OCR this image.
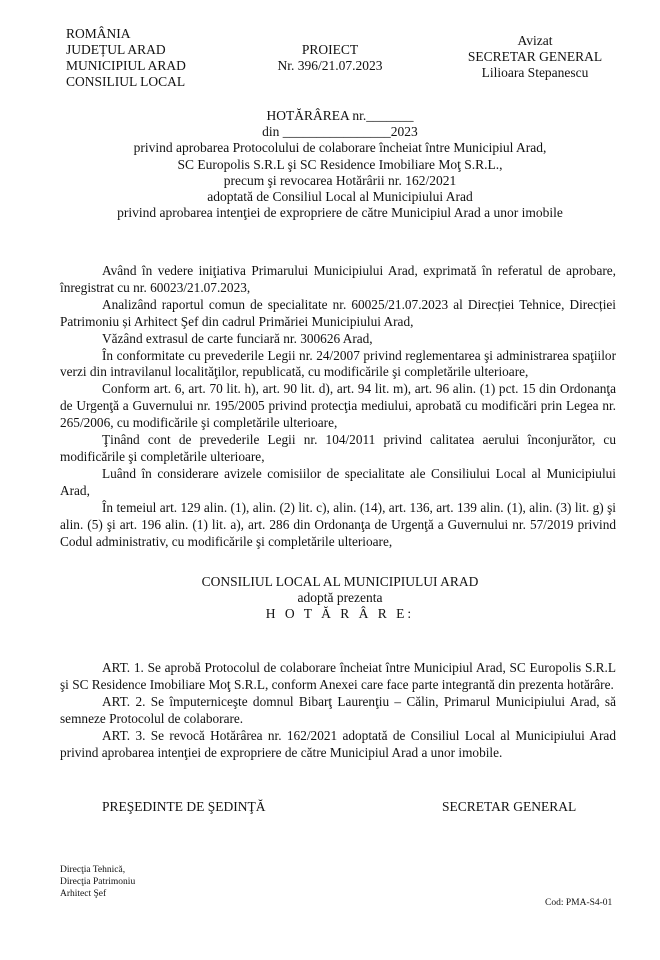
ROMÂNIA
JUDEȚUL ARAD
MUNICIPIUL ARAD
CONSILIUL LOCAL
PROIECT
Nr. 396/21.07.2023
Avizat
SECRETAR GENERAL
Lilioara Stepanescu
HOTĂRÂREA nr._______
din ________________2023
privind aprobarea Protocolului de colaborare încheiat între Municipiul Arad,
SC Europolis S.R.L şi SC Residence Imobiliare Moţ S.R.L.,
precum şi revocarea Hotărârii nr. 162/2021
adoptată de Consiliul Local al Municipiului Arad
privind aprobarea intenţiei de expropriere de către Municipiul Arad a unor imobile

Având în vedere iniţiativa Primarului Municipiului Arad, exprimată în referatul de aprobare, înregistrat cu nr. 60023/21.07.2023,

Analizând raportul comun de specialitate nr. 60025/21.07.2023 al Direcției Tehnice, Direcției Patrimoniu și Arhitect Şef din cadrul Primăriei Municipiului Arad,

Văzând extrasul de carte funciară nr. 300626 Arad,

În conformitate cu prevederile Legii nr. 24/2007 privind reglementarea şi administrarea spaţiilor verzi din intravilanul localităţilor, republicată, cu modificările şi completările ulterioare,

Conform art. 6, art. 70 lit. h), art. 90 lit. d), art. 94 lit. m), art. 96 alin. (1) pct. 15 din Ordonanţa de Urgenţă a Guvernului nr. 195/2005 privind protecţia mediului, aprobată cu modificări prin Legea nr. 265/2006, cu modificările şi completările ulterioare,

Ţinând cont de prevederile Legii nr. 104/2011 privind calitatea aerului înconjurător, cu modificările şi completările ulterioare,

Luând în considerare avizele comisiilor de specialitate ale Consiliului Local al Municipiului Arad,

În temeiul art. 129 alin. (1), alin. (2) lit. c), alin. (14), art. 136, art. 139 alin. (1), alin. (3) lit. g) şi alin. (5) şi art. 196 alin. (1) lit. a), art. 286 din Ordonanţa de Urgenţă a Guvernului nr. 57/2019 privind Codul administrativ, cu modificările şi completările ulterioare,

CONSILIUL LOCAL AL MUNICIPIULUI ARAD
adoptă prezenta
H O T Ă R Â R E:

ART. 1. Se aprobă Protocolul de colaborare încheiat între Municipiul Arad, SC Europolis S.R.L şi SC Residence Imobiliare Moţ S.R.L, conform Anexei care face parte integrantă din prezenta hotărâre.

ART. 2. Se împuterniceşte domnul Bibarţ Laurenţiu – Călin, Primarul Municipiului Arad, să semneze Protocolul de colaborare.

ART. 3. Se revocă Hotărârea nr. 162/2021 adoptată de Consiliul Local al Municipiului Arad privind aprobarea intenţiei de expropriere de către Municipiul Arad a unor imobile.

PREŞEDINTE DE ŞEDINŢĂ	SECRETAR GENERAL
Direcţia Tehnică,
Direcţia Patrimoniu
Arhitect Şef
Cod: PMA-S4-01
